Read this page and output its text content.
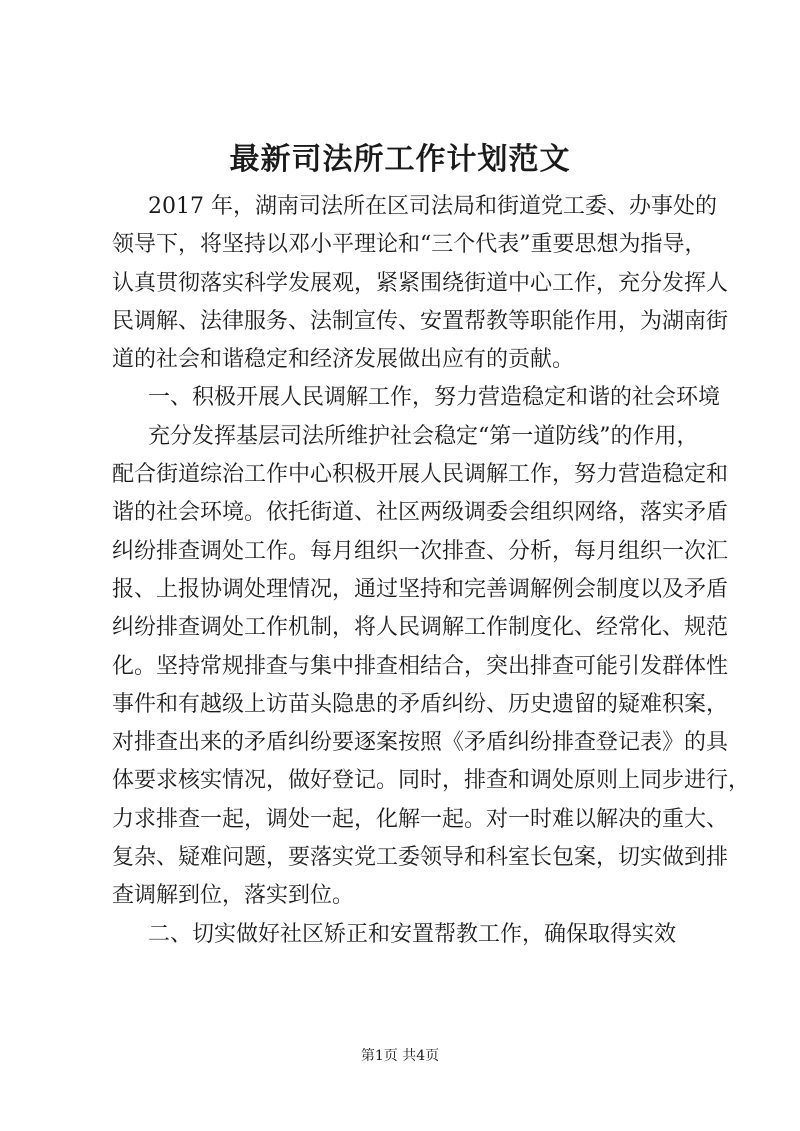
最新司法所工作计划范文
2017 年，湖南司法所在区司法局和街道党工委、办事处的
领导下，将坚持以邓小平理论和“三个代表”重要思想为指导，
认真贯彻落实科学发展观，紧紧围绕街道中心工作，充分发挥人
民调解、法律服务、法制宣传、安置帮教等职能作用，为湖南街
道的社会和谐稳定和经济发展做出应有的贡献。
一、积极开展人民调解工作，努力营造稳定和谐的社会环境
充分发挥基层司法所维护社会稳定“第一道防线”的作用，
配合街道综治工作中心积极开展人民调解工作，努力营造稳定和
谐的社会环境。依托街道、社区两级调委会组织网络，落实矛盾
纠纷排查调处工作。每月组织一次排查、分析，每月组织一次汇
报、上报协调处理情况，通过坚持和完善调解例会制度以及矛盾
纠纷排查调处工作机制，将人民调解工作制度化、经常化、规范
化。坚持常规排查与集中排查相结合，突出排查可能引发群体性
事件和有越级上访苗头隐患的矛盾纠纷、历史遗留的疑难积案，
对排查出来的矛盾纠纷要逐案按照《矛盾纠纷排查登记表》的具
体要求核实情况，做好登记。同时，排查和调处原则上同步进行，
力求排查一起，调处一起，化解一起。对一时难以解决的重大、
复杂、疑难问题，要落实党工委领导和科室长包案，切实做到排
查调解到位，落实到位。
二、切实做好社区矫正和安置帮教工作，确保取得实效
第1页 共4页
